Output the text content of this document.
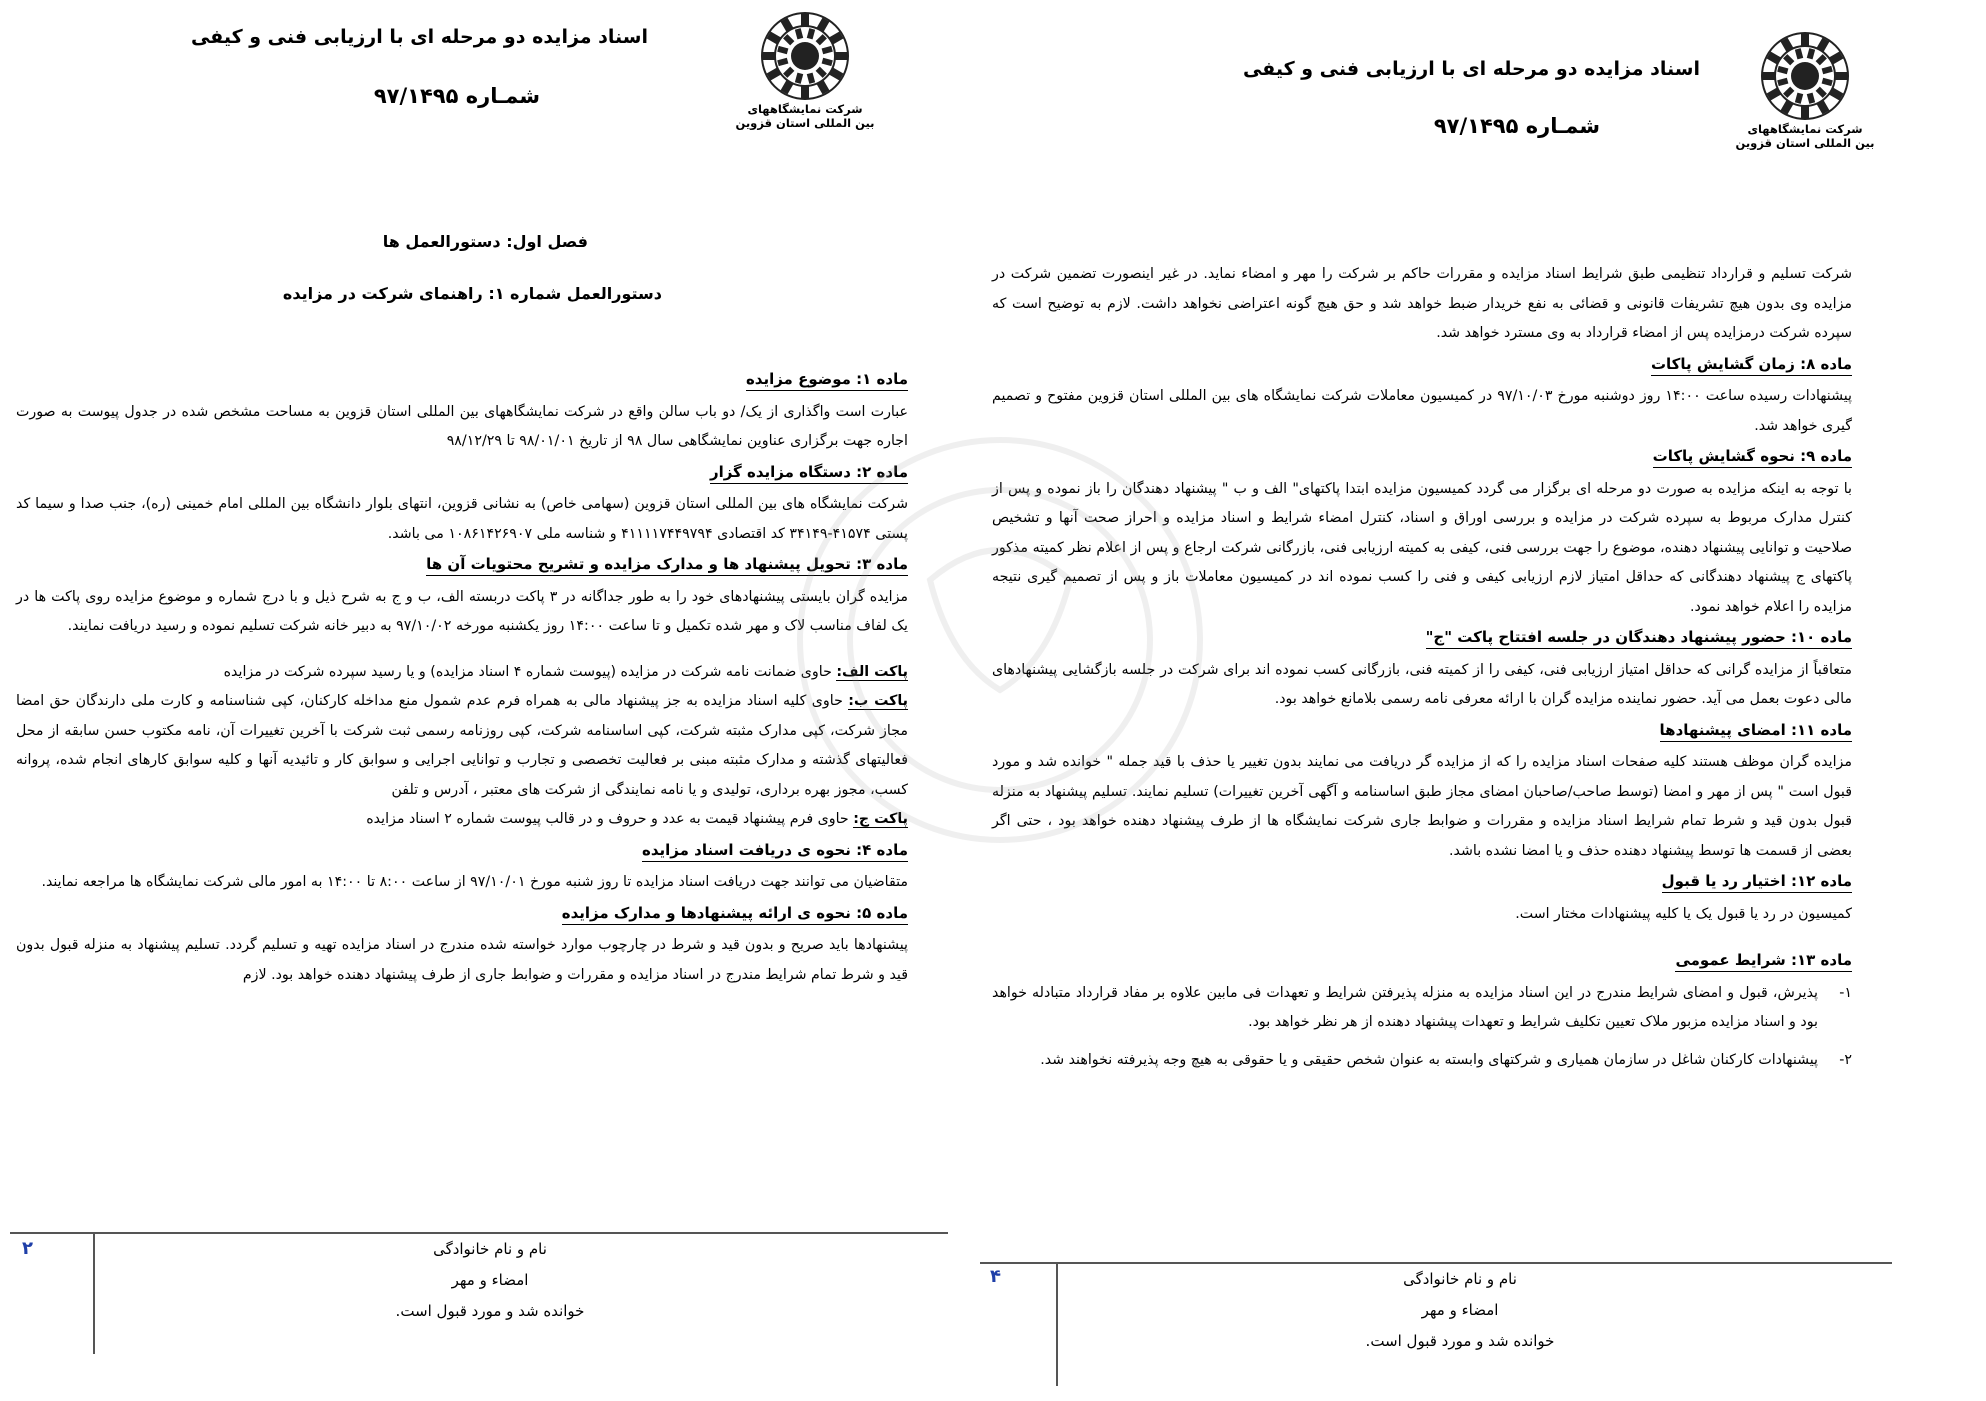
شرکت نمایشگاههای
بین المللی استان قزوین
اسناد مزایده دو مرحله ای با ارزیابی فنی و کیفی
شمـاره ۹۷/۱۴۹۵
فصل اول: دستورالعمل ها
دستورالعمل شماره ۱: راهنمای شرکت در مزایده
ماده ۱: موضوع مزایده

عبارت است واگذاری از یک/ دو باب سالن واقع در شرکت نمایشگاههای بین المللی استان قزوین به مساحت مشخص شده در جدول پیوست به صورت اجاره جهت برگزاری عناوین نمایشگاهی سال ۹۸ از تاریخ ۹۸/۰۱/۰۱ تا ۹۸/۱۲/۲۹

ماده ۲: دستگاه مزایده گزار

شرکت نمایشگاه های بین المللی استان قزوین (سهامی خاص) به نشانی قزوین، انتهای بلوار دانشگاه بین المللی امام خمینی (ره)، جنب صدا و سیما کد پستی ۴۱۵۷۴-۳۴۱۴۹ کد اقتصادی ۴۱۱۱۱۷۴۴۹۷۹۴ و شناسه ملی ۱۰۸۶۱۴۲۶۹۰۷ می باشد.

ماده ۳: تحویل پیشنهاد ها و مدارک مزایده و تشریح محتویات آن ها

مزایده گران بایستی پیشنهادهای خود را به طور جداگانه در ۳ پاکت دربسته الف، ب و ج به شرح ذیل و با درج شماره و موضوع مزایده روی پاکت ها در یک لفاف مناسب لاک و مهر شده تکمیل و تا ساعت ۱۴:۰۰ روز یکشنبه مورخه ۹۷/۱۰/۰۲ به دبیر خانه شرکت تسلیم نموده و رسید دریافت نمایند.

پاکت الف: حاوی ضمانت نامه شرکت در مزایده (پیوست شماره ۴ اسناد مزایده) و یا رسید سپرده شرکت در مزایده

پاکت ب: حاوی کلیه اسناد مزایده به جز پیشنهاد مالی به همراه فرم عدم شمول منع مداخله کارکنان، کپی شناسنامه و کارت ملی دارندگان حق امضا مجاز شرکت، کپی مدارک مثبته شرکت، کپی اساسنامه شرکت، کپی روزنامه رسمی ثبت شرکت با آخرین تغییرات آن، نامه مکتوب حسن سابقه از محل فعالیتهای گذشته و مدارک مثبته مبنی بر فعالیت تخصصی و تجارب و توانایی اجرایی و سوابق کار و تائیدیه آنها و کلیه سوابق کارهای انجام شده، پروانه کسب، مجوز بهره برداری، تولیدی و یا نامه نمایندگی از شرکت های معتبر ، آدرس و تلفن

پاکت ج: حاوی فرم پیشنهاد قیمت به عدد و حروف و در قالب پیوست شماره ۲ اسناد مزایده

ماده ۴: نحوه ی دریافت اسناد مزایده

متقاضیان می توانند جهت دریافت اسناد مزایده تا روز شنبه مورخ ۹۷/۱۰/۰۱ از ساعت ۸:۰۰ تا ۱۴:۰۰ به امور مالی شرکت نمایشگاه ها مراجعه نمایند.

ماده ۵: نحوه ی ارائه پیشنهادها و مدارک مزایده

پیشنهادها باید صریح و بدون قید و شرط در چارچوب موارد خواسته شده مندرج در اسناد مزایده تهیه و تسلیم گردد. تسلیم پیشنهاد به منزله قبول بدون قید و شرط تمام شرایط مندرج در اسناد مزایده و مقررات و ضوابط جاری از طرف پیشنهاد دهنده خواهد بود. لازم

۲	نام و نام خانوادگی
امضاء و مهر
خوانده شد و مورد قبول است.
شرکت نمایشگاههای
بین المللی استان قزوین
اسناد مزایده دو مرحله ای با ارزیابی فنی و کیفی
شمـاره ۹۷/۱۴۹۵

شرکت تسلیم و قرارداد تنظیمی طبق شرایط اسناد مزایده و مقررات حاکم بر شرکت را مهر و امضاء نماید. در غیر اینصورت تضمین شرکت در مزایده وی بدون هیچ تشریفات قانونی و قضائی به نفع خریدار ضبط خواهد شد و حق هیچ گونه اعتراضی نخواهد داشت. لازم به توضیح است که سپرده شرکت درمزایده پس از امضاء قرارداد به وی مسترد خواهد شد.

ماده ۸: زمان گشایش پاکات

پیشنهادات رسیده ساعت ۱۴:۰۰ روز دوشنبه مورخ ۹۷/۱۰/۰۳ در کمیسیون معاملات شرکت نمایشگاه های بین المللی استان قزوین مفتوح و تصمیم گیری خواهد شد.

ماده ۹: نحوه گشایش پاکات

با توجه به اینکه مزایده به صورت دو مرحله ای برگزار می گردد کمیسیون مزایده ابتدا پاکتهای" الف و ب " پیشنهاد دهندگان را باز نموده و پس از کنترل مدارک مربوط به سپرده شرکت در مزایده و بررسی اوراق و اسناد، کنترل امضاء شرایط و اسناد مزایده و احراز صحت آنها و تشخیص صلاحیت و توانایی پیشنهاد دهنده، موضوع را جهت بررسی فنی، کیفی به کمیته ارزیابی فنی، بازرگانی شرکت ارجاع و پس از اعلام نظر کمیته مذکور پاکتهای ج پیشنهاد دهندگانی که حداقل امتیاز لازم ارزیابی کیفی و فنی را کسب نموده اند در کمیسیون معاملات باز و پس از تصمیم گیری نتیجه مزایده را اعلام خواهد نمود.

ماده ۱۰: حضور پیشنهاد دهندگان در جلسه افتتاح پاکت "ج"

متعاقباً از مزایده گرانی که حداقل امتیاز ارزیابی فنی، کیفی را از کمیته فنی، بازرگانی کسب نموده اند برای شرکت در جلسه بازگشایی پیشنهادهای مالی دعوت بعمل می آید. حضور نماینده مزایده گران با ارائه معرفی نامه رسمی بلامانع خواهد بود.

ماده ۱۱: امضای پیشنهادها

مزایده گران موظف هستند کلیه صفحات اسناد مزایده را که از مزایده گر دریافت می نمایند بدون تغییر یا حذف با قید جمله " خوانده شد و مورد قبول است " پس از مهر و امضا (توسط صاحب/صاحبان امضای مجاز طبق اساسنامه و آگهی آخرین تغییرات) تسلیم نمایند. تسلیم پیشنهاد به منزله قبول بدون قید و شرط تمام شرایط اسناد مزایده و مقررات و ضوابط جاری شرکت نمایشگاه ها از طرف پیشنهاد دهنده خواهد بود ، حتی اگر بعضی از قسمت ها توسط پیشنهاد دهنده حذف و یا امضا نشده باشد.

ماده ۱۲: اختیار رد یا قبول

کمیسیون در رد یا قبول یک یا کلیه پیشنهادات مختار است.

ماده ۱۳: شرایط عمومی
۱-

پذیرش، قبول و امضای شرایط مندرج در این اسناد مزایده به منزله پذیرفتن شرایط و تعهدات فی مابین علاوه بر مفاد قرارداد متبادله خواهد بود و اسناد مزایده مزبور ملاک تعیین تکلیف شرایط و تعهدات پیشنهاد دهنده از هر نظر خواهد بود.

۲-

پیشنهادات کارکنان شاغل در سازمان همیاری و شرکتهای وابسته به عنوان شخص حقیقی و یا حقوقی به هیچ وجه پذیرفته نخواهند شد.

۴	نام و نام خانوادگی
امضاء و مهر
خوانده شد و مورد قبول است.
